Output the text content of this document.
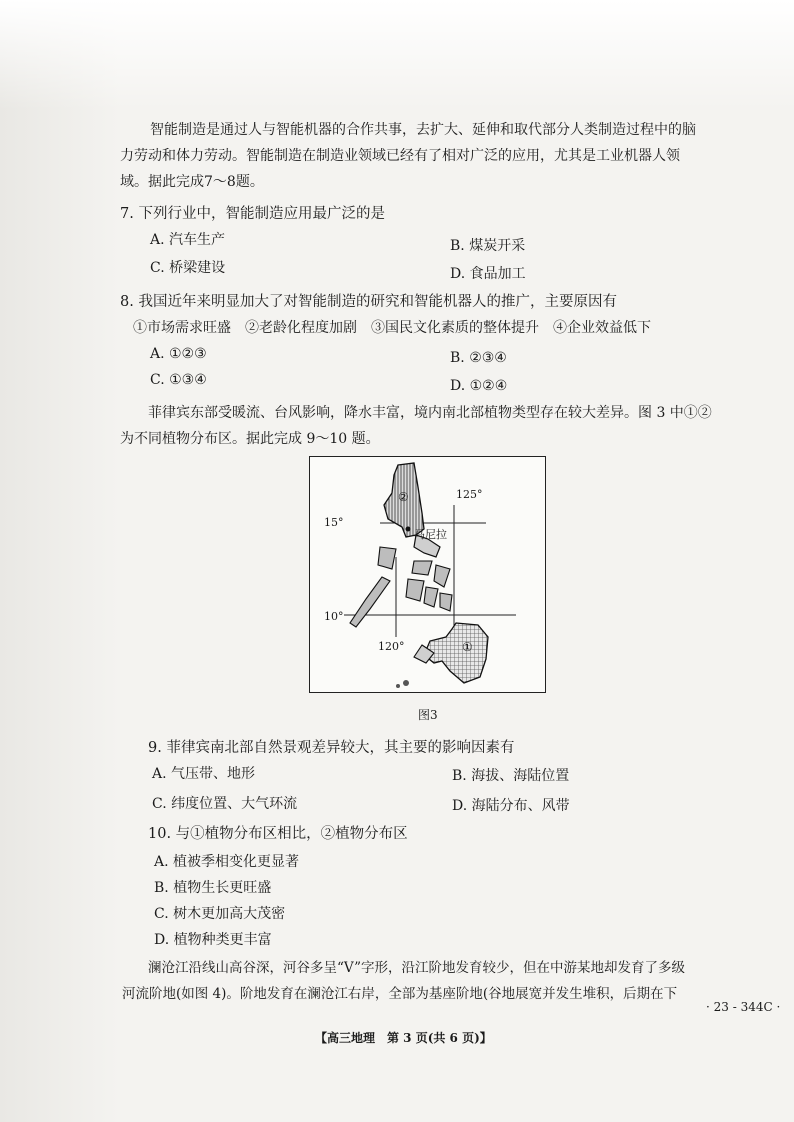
智能制造是通过人与智能机器的合作共事，去扩大、延伸和取代部分人类制造过程中的脑
力劳动和体力劳动。智能制造在制造业领域已经有了相对广泛的应用，尤其是工业机器人领
域。据此完成7～8题。
7. 下列行业中，智能制造应用最广泛的是
A. 汽车生产	B. 煤炭开采
C. 桥梁建设	D. 食品加工
8. 我国近年来明显加大了对智能制造的研究和智能机器人的推广，主要原因有
①市场需求旺盛　②老龄化程度加剧　③国民文化素质的整体提升　④企业效益低下
A. ①②③	B. ②③④
C. ①③④	D. ①②④
菲律宾东部受暖流、台风影响，降水丰富，境内南北部植物类型存在较大差异。图 3 中①②
为不同植物分布区。据此完成 9～10 题。
15°
10°
125°
120°
马尼拉
②
①
图3
9. 菲律宾南北部自然景观差异较大，其主要的影响因素有
A. 气压带、地形	B. 海拔、海陆位置
C. 纬度位置、大气环流	D. 海陆分布、风带
10. 与①植物分布区相比，②植物分布区
A. 植被季相变化更显著
B. 植物生长更旺盛
C. 树木更加高大茂密
D. 植物种类更丰富
澜沧江沿线山高谷深，河谷多呈“V”字形，沿江阶地发育较少，但在中游某地却发育了多级
河流阶地(如图 4)。阶地发育在澜沧江右岸，全部为基座阶地(谷地展宽并发生堆积，后期在下
· 23 - 344C ·
【高三地理　第 3 页(共 6 页)】
